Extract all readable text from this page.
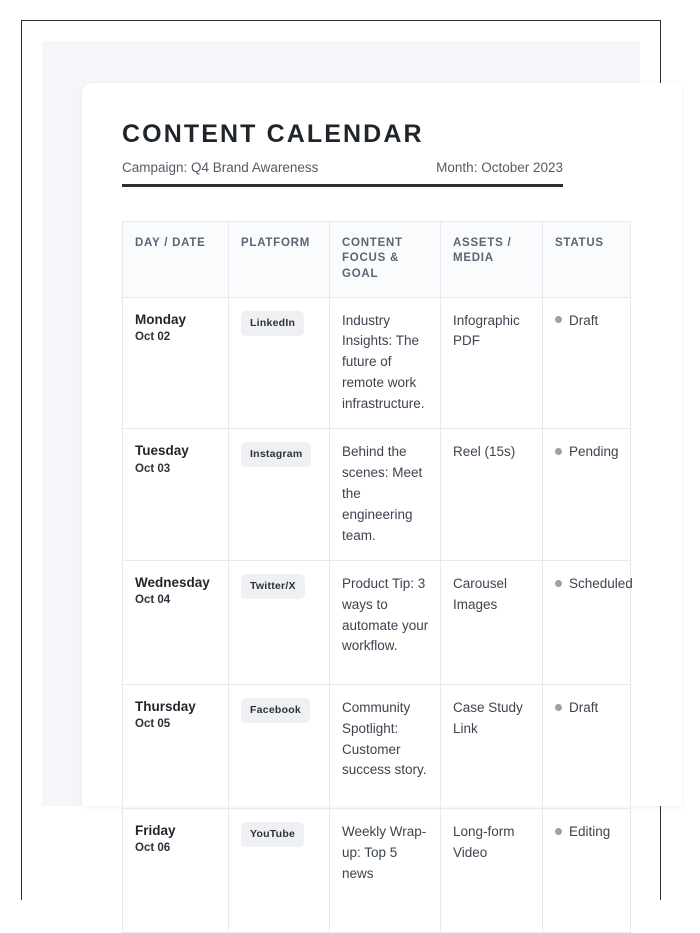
CONTENT CALENDAR
Campaign: Q4 Brand Awareness	Month: October 2023
DAY / DATE	PLATFORM	CONTENT FOCUS & GOAL	ASSETS / MEDIA	STATUS

Monday
Oct 02	LinkedIn	Industry Insights: The future of remote work infrastructure.	Infographic PDF	Draft

Tuesday
Oct 03	Instagram	Behind the scenes: Meet the engineering team.	Reel (15s)	Pending

Wednesday
Oct 04	Twitter/X	Product Tip: 3 ways to automate your workflow.	Carousel Images	Scheduled

Thursday
Oct 05	Facebook	Community Spotlight: Customer success story.	Case Study Link	Draft

Friday
Oct 06	YouTube	Weekly Wrap-up: Top 5 news	Long-form Video	Editing
